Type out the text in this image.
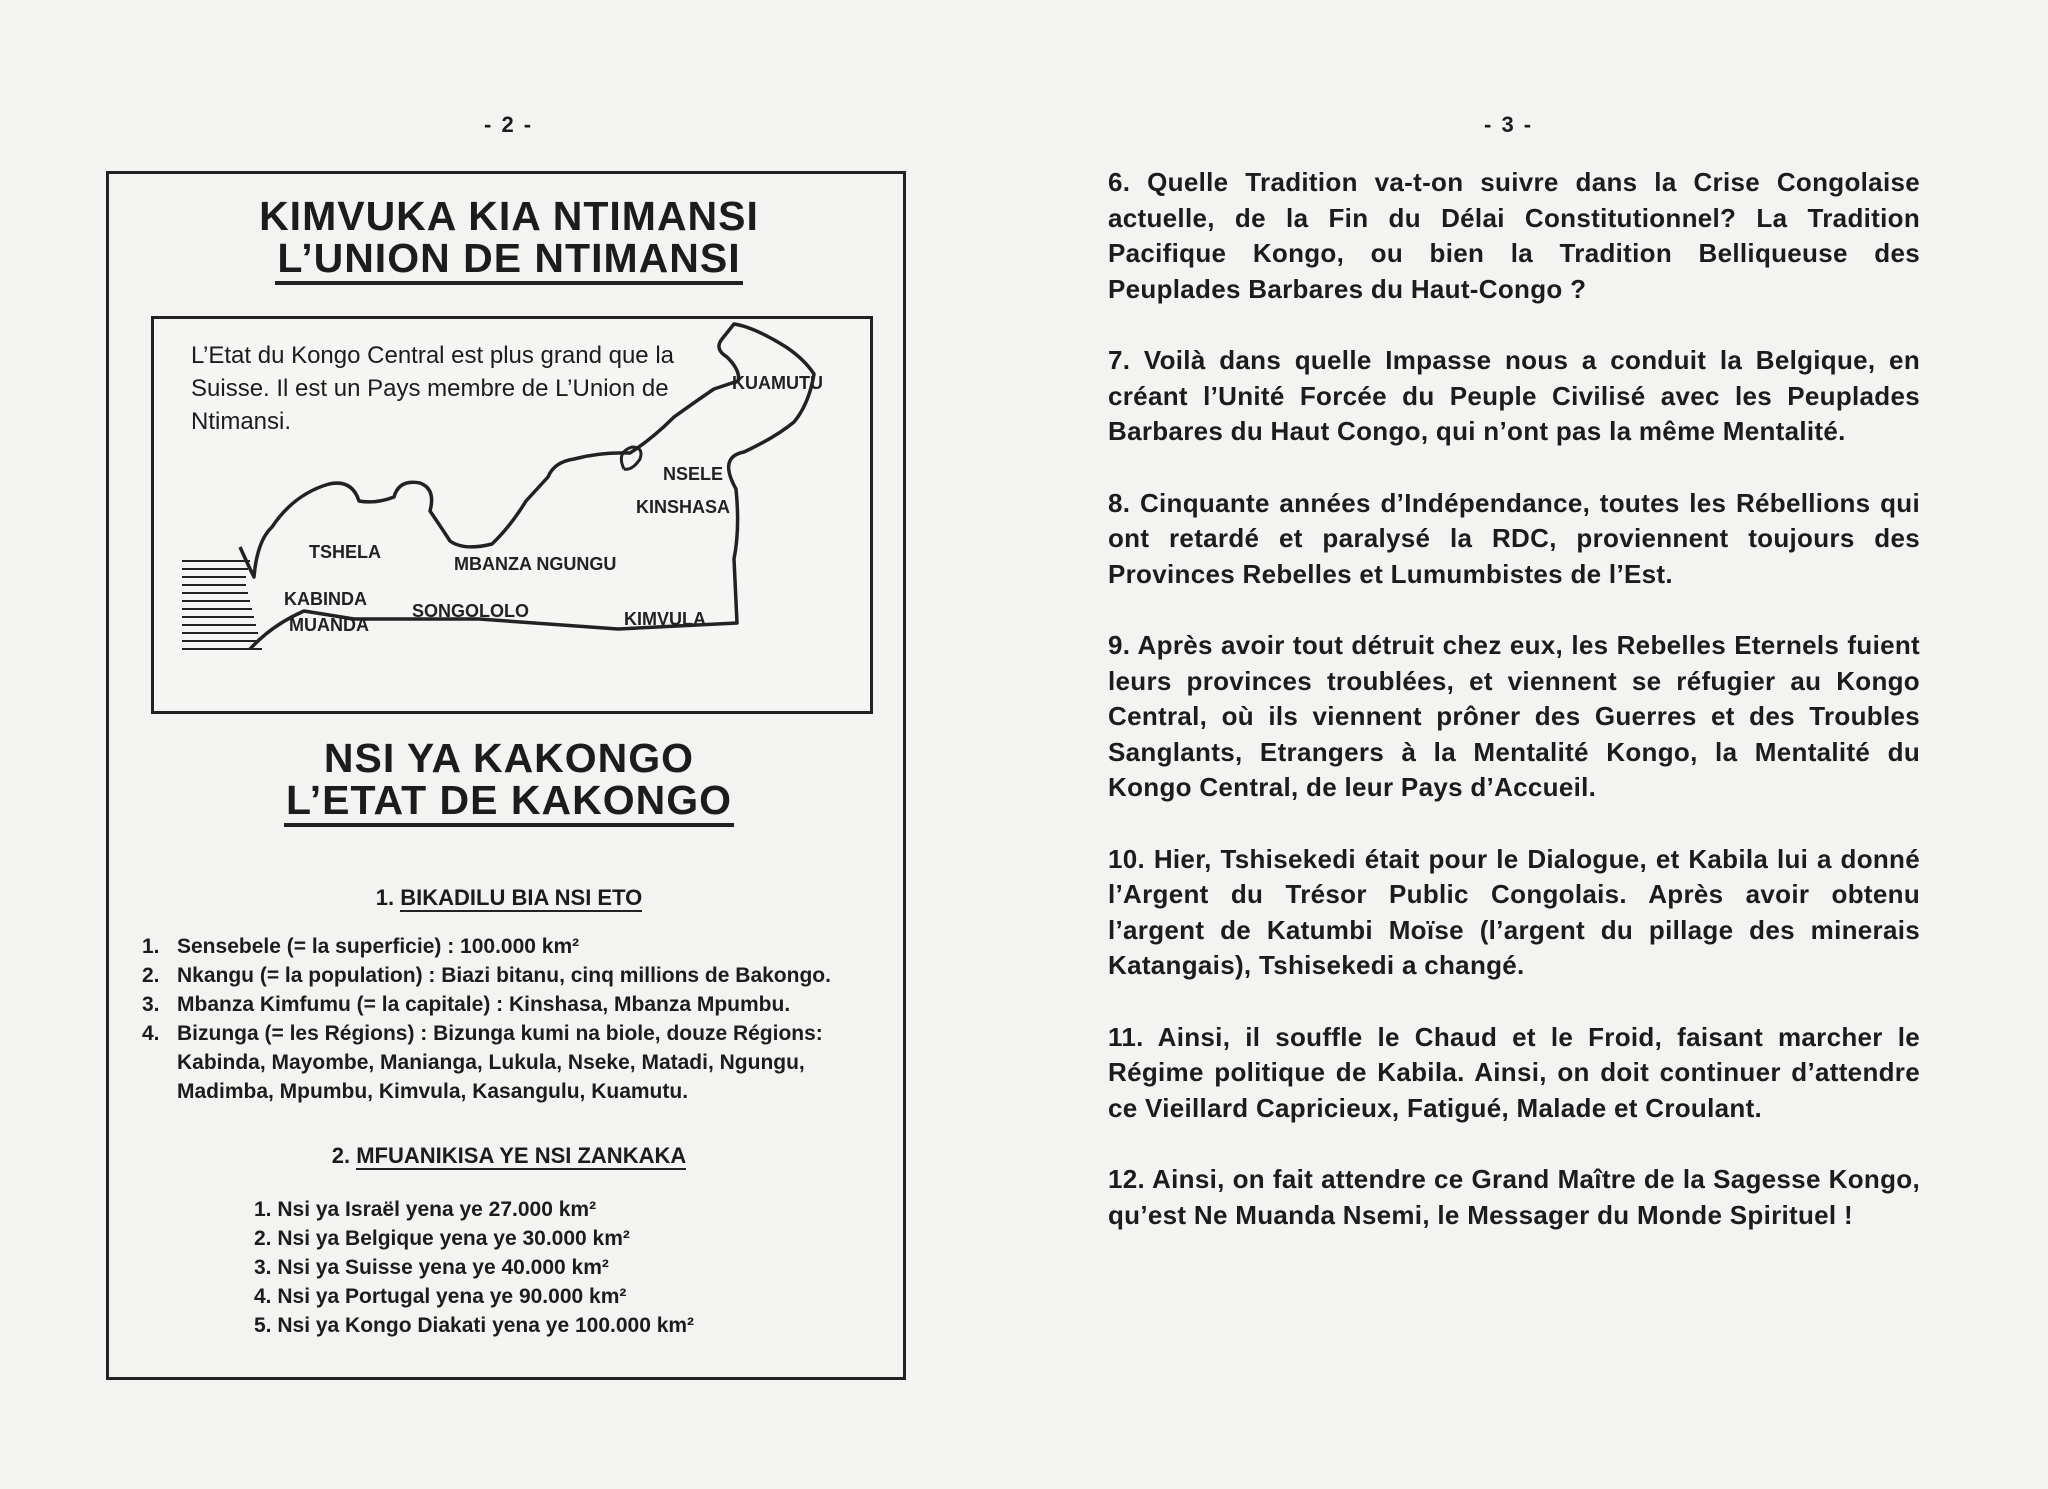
- 2 -
KIMVUKA KIA NTIMANSI
L’UNION DE NTIMANSI
L’Etat du Kongo Central est plus grand que la Suisse. Il est un Pays membre de L’Union de Ntimansi.
KUAMUTU
NSELE
KINSHASA
TSHELA
MBANZA NGUNGU
KABINDA
MUANDA
SONGOLOLO	KIMVULA
NSI YA KAKONGO
L’ETAT DE KAKONGO
1. BIKADILU BIA NSI ETO
1. Sensebele (= la superficie) : 100.000 km²
2. Nkangu (= la population) : Biazi bitanu, cinq millions de Bakongo.
3. Mbanza Kimfumu (= la capitale) : Kinshasa, Mbanza Mpumbu.
4. Bizunga (= les Régions) : Bizunga kumi na biole, douze Régions: Kabinda, Mayombe, Manianga, Lukula, Nseke, Matadi, Ngungu, Madimba, Mpumbu, Kimvula, Kasangulu, Kuamutu.
2. MFUANIKISA YE NSI ZANKAKA
1. Nsi ya Israël yena ye 27.000 km²
2. Nsi ya Belgique yena ye 30.000 km²
3. Nsi ya Suisse yena ye 40.000 km²
4. Nsi ya Portugal yena ye 90.000 km²
5. Nsi ya Kongo Diakati yena ye 100.000 km²
- 3 -

6. Quelle Tradition va-t-on suivre dans la Crise Congolaise actuelle, de la Fin du Délai Constitutionnel? La Tradition Pacifique Kongo, ou bien la Tradition Belliqueuse des Peuplades Barbares du Haut-Congo ?

7. Voilà dans quelle Impasse nous a conduit la Belgique, en créant l’Unité Forcée du Peuple Civilisé avec les Peuplades Barbares du Haut Congo, qui n’ont pas la même Mentalité.

8. Cinquante années d’Indépendance, toutes les Rébellions qui ont retardé et paralysé la RDC, proviennent toujours des Provinces Rebelles et Lumumbistes de l’Est.

9. Après avoir tout détruit chez eux, les Rebelles Eternels fuient leurs provinces troublées, et viennent se réfugier au Kongo Central, où ils viennent prôner des Guerres et des Troubles Sanglants, Etrangers à la Mentalité Kongo, la Mentalité du Kongo Central, de leur Pays d’Accueil.

10. Hier, Tshisekedi était pour le Dialogue, et Kabila lui a donné l’Argent du Trésor Public Congolais. Après avoir obtenu l’argent de Katumbi Moïse (l’argent du pillage des minerais Katangais), Tshisekedi a changé.

11. Ainsi, il souffle le Chaud et le Froid, faisant marcher le Régime politique de Kabila. Ainsi, on doit continuer d’attendre ce Vieillard Capricieux, Fatigué, Malade et Croulant.

12. Ainsi, on fait attendre ce Grand Maître de la Sagesse Kongo, qu’est Ne Muanda Nsemi, le Messager du Monde Spirituel !
